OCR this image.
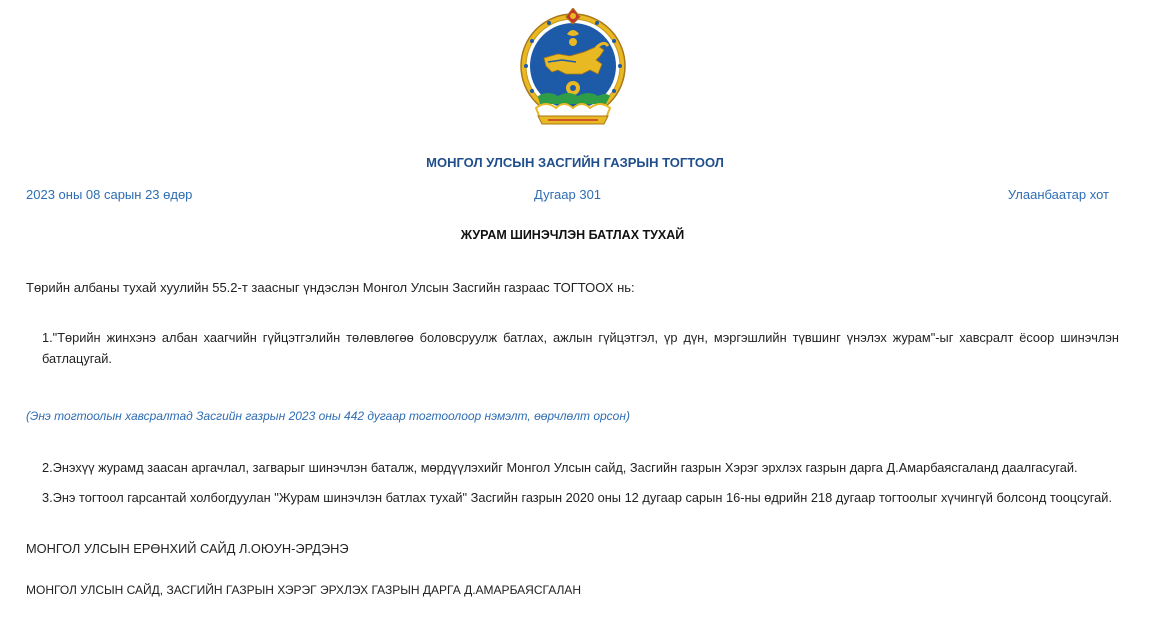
МОНГОЛ УЛСЫН ЗАСГИЙН ГАЗРЫН ТОГТООЛ
2023 оны 08 сарын 23 өдөр	Дугаар 301	Улаанбаатар хот
ЖУРАМ ШИНЭЧЛЭН БАТЛАХ ТУХАЙ
Төрийн албаны тухай хуулийн 55.2-т заасныг үндэслэн Монгол Улсын Засгийн газраас ТОГТООХ нь:
1."Төрийн жинхэнэ албан хаагчийн гүйцэтгэлийн төлөвлөгөө боловсруулж батлах, ажлын гүйцэтгэл, үр дүн, мэргэшлийн түвшинг үнэлэх журам"-ыг хавсралт ёсоор шинэчлэн батлацугай.
(Энэ тогтоолын хавсралтад Засгийн газрын 2023 оны 442 дугаар тогтоолоор нэмэлт, өөрчлөлт орсон)
2.Энэхүү журамд заасан аргачлал, загварыг шинэчлэн баталж, мөрдүүлэхийг Монгол Улсын сайд, Засгийн газрын Хэрэг эрхлэх газрын дарга Д.Амарбаясгаланд даалгасугай.
3.Энэ тогтоол гарсантай холбогдуулан "Журам шинэчлэн батлах тухай" Засгийн газрын 2020 оны 12 дугаар сарын 16-ны өдрийн 218 дугаар тогтоолыг хүчингүй болсонд тооцсугай.
МОНГОЛ УЛСЫН ЕРӨНХИЙ САЙД Л.ОЮУН-ЭРДЭНЭ
МОНГОЛ УЛСЫН САЙД, ЗАСГИЙН ГАЗРЫН ХЭРЭГ ЭРХЛЭХ ГАЗРЫН ДАРГА Д.АМАРБАЯСГАЛАН
